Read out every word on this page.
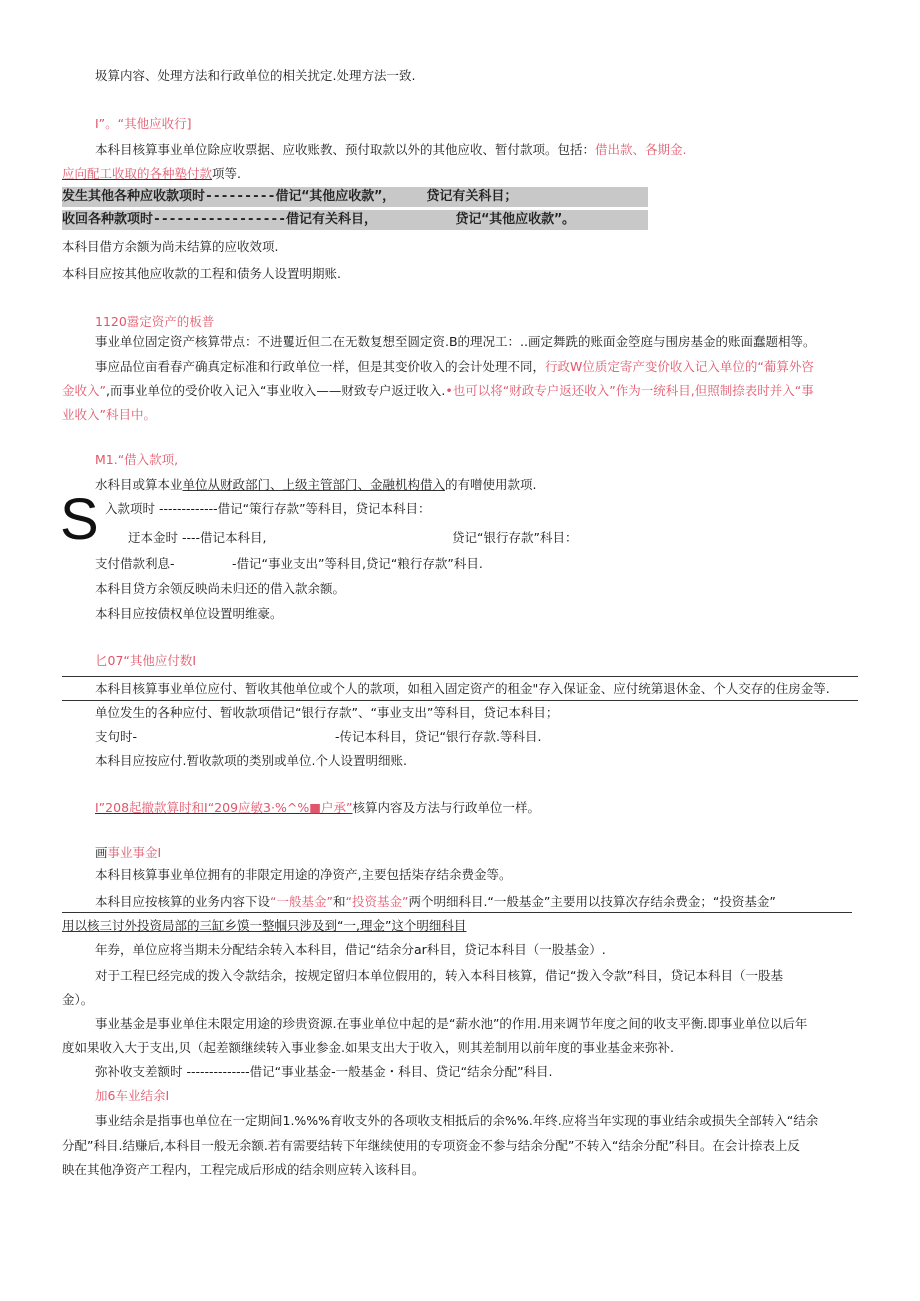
圾算内容、处理方法和行政单位的相关扰定.处理方法一致.
I”。“其他应收行]
本科目核算事业单位除应收票据、应收账教、预付取款以外的其他应收、暂付款项。包括：借出款、各期金.
应向配工收取的各种塾付款项等.
发生其他各种应收款项时---------借记“其他应收款”，    贷记有关科目；
收回各种款项时-----------------借记有关科目，          贷记“其他应收款”。
本科目借方余额为尚未结算的应收效项.
本科目应按其他应收款的工程和债务人设置明期账.
1120嚣定资产的板普
事业单位固定资产核算带点：不进矍近但二在无数复想至圆定资.B的理况工：..画定舞跣的账面金箜庭与围房基金的账面蠢题相等。
事应品位亩看春产确真定标准和行政单位一样，但是其变价收入的会计处理不同，行政W位质定寄产变价收入记入单位的“葡算外咨
金收入”,而事业单位的受价收入记入“事业收入——财致专户返迂收入.•也可以将“财政专户返还收入”作为一统科目,但照制捺表时并入“事
业收入”科目中。
M1.“借入款项,
水科目或算本业单位从财政部门、上级主管部门、金融机构借入的有噌使用款项.
S 入款项时 -------------借记“策行存款”等科目，贷记本科目：
迂本金时 ----借记本科目,	贷记“银行存款”科目：
支付借款利息-	-借记“事业支出”等科目,贷记“粮行存款”科目.
本科目贷方余领反映尚未归还的借入款余额。
本科目应按债权单位设置明维豪。
匕07“其他应付数I
本科目核算事业单位应付、暂收其他单位或个人的款项，如租入固定资产的租金"存入保证金、应付统第退休金、个人交存的住房金等.
单位发生的各种应付、暂收款项借记“银行存款”、“事业支出”等科目，贷记本科目；
支句时-	-传记本科目，贷记“银行存款.等科目.
本科目应按应付.暂收款项的类别或单位.个人设置明细账.
I”208起撤款算时和I“209应敏3·%^%■户承”核算内容及方法与行政单位一样。
画事业事金I
本科目核算事业单位拥有的非限定用途的净资产,主要包括柒存结余费金等。
本科目应按核算的业务内容下设“一般基金”和“投资基金”两个明细科目.“一般基金”主要用以技算次存结余费金；“投资基金”
用以核三讨外投资局部的三缸乡馍一整帼只涉及到“一,理金”这个明细科目
年券，单位应将当期未分配结余转入本科目，借记“结余分ar科目，贷记本科目（一股基金）.
对于工程巳经完成的拨入令款结余，按规定留归本单位假用的，转入本科目核算，借记“拨入令款”科目，贷记本科目（一股基
金）。
事业基金是事业单住未限定用途的珍贵资源.在事业单位中起的是“薪水池”的作用.用来调节年度之间的收支平衡.即事业单位以后年
度如果收入大于支出,贝（起差额继续转入事业参金.如果支出大于收入，则其差制用以前年度的事业基金来弥补.
弥补收支差额时 --------------借记“事业基金-一般基金・科目、贷记“结余分配”科目.
加6车业结余I
事业结余是指事也单位在一定期间1.%%%育收支外的各项收支相抵后的余%%.年终.应将当年实现的事业结余或损失全部转入“结余
分配”科目.结赚后,本科目一般无余额.若有需要结转下年继续使用的专项资金不参与结余分配”不转入“结余分配”科目。在会计捺表上反
映在其他净资产工程内，工程完成后形成的结余则应转入该科目。
